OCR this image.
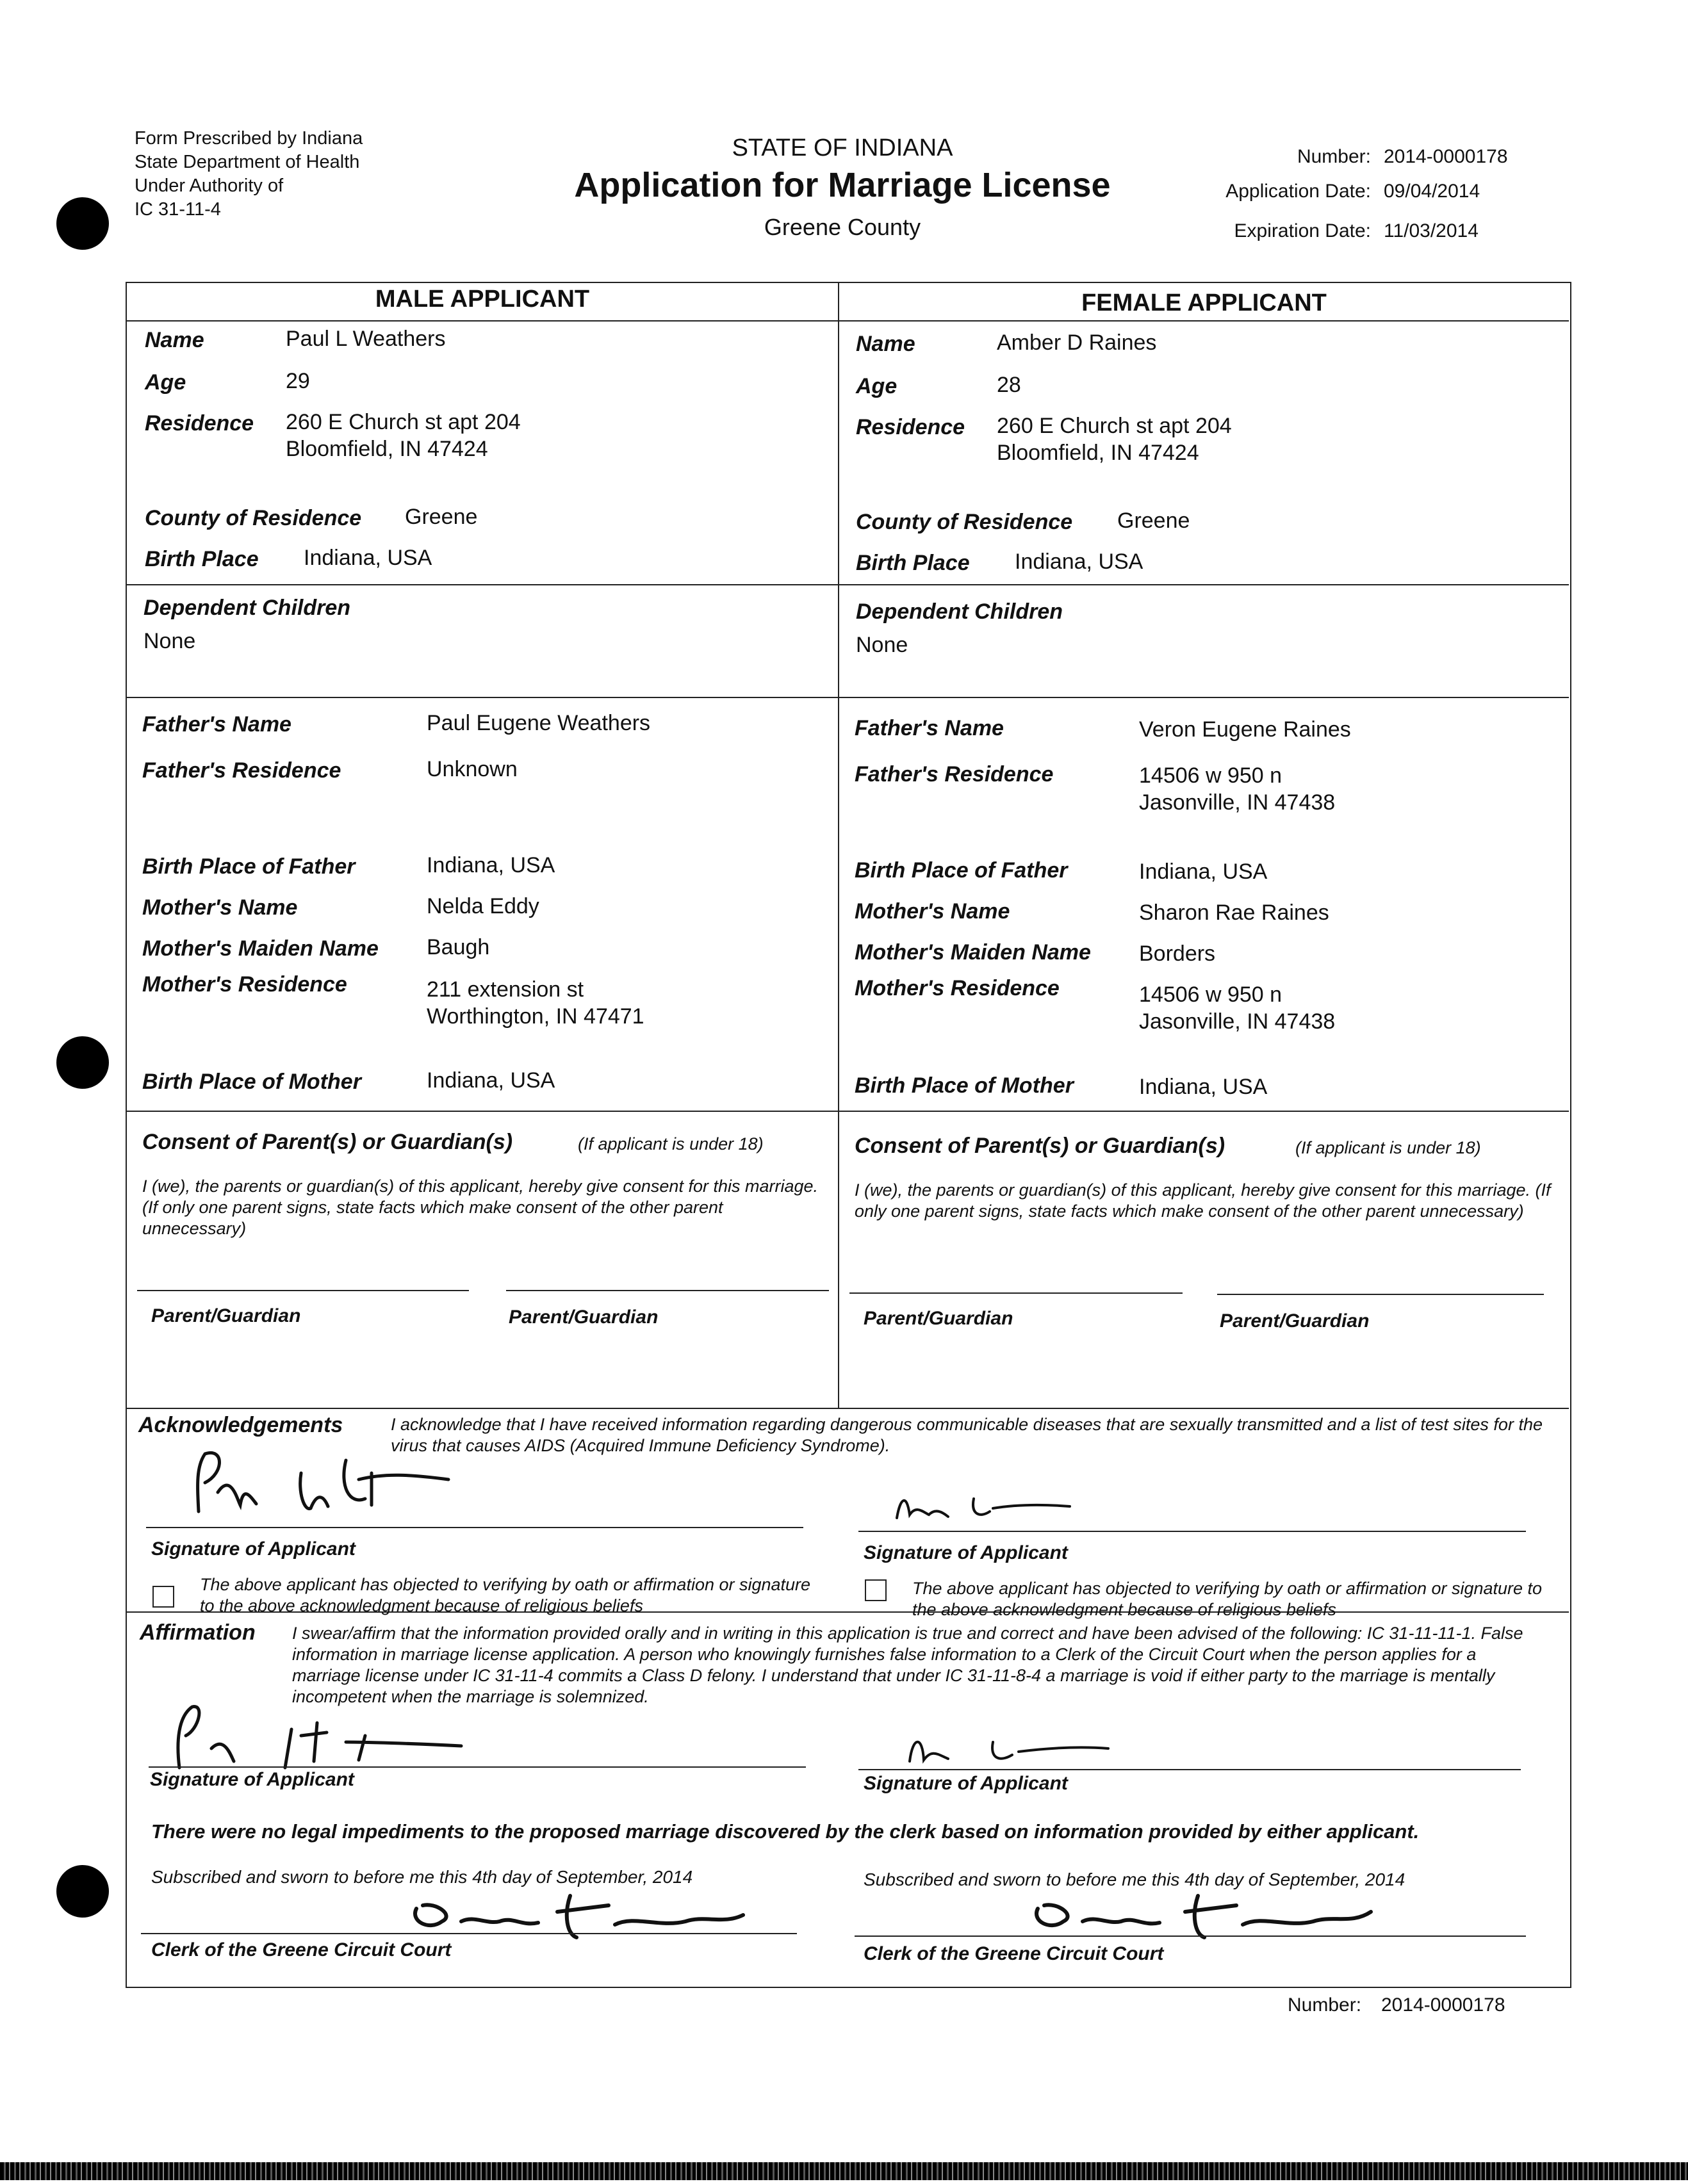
Form Prescribed by Indiana
State Department of Health
Under Authority of
IC 31-11-4
STATE OF INDIANA
Application for Marriage License
Greene County
Number: 2014-0000178
Application Date: 09/04/2014
Expiration Date: 11/03/2014
MALE APPLICANT
Name	Paul L Weathers
Age	29
Residence 260 E Church st apt 204
Bloomfield, IN 47424
County of Residence Greene
Birth Place Indiana, USA
Dependent Children
None
Father's Name	Paul Eugene Weathers
Father's Residence	Unknown
Birth Place of Father	Indiana, USA
Mother's Name	Nelda Eddy
Mother's Maiden Name Baugh
Mother's Residence	211 extension st
Worthington, IN 47471
Birth Place of Mother	Indiana, USA
FEMALE APPLICANT
Name	Amber D Raines
Age	28
Residence 260 E Church st apt 204
Bloomfield, IN 47424
County of Residence Greene
Birth Place Indiana, USA
Dependent Children
None
Father's Name	Veron Eugene Raines
Father's Residence	14506 w 950 n
Jasonville, IN 47438
Birth Place of Father	Indiana, USA
Mother's Name	Sharon Rae Raines
Mother's Maiden Name Borders
Mother's Residence	14506 w 950 n
Jasonville, IN 47438
Birth Place of Mother	Indiana, USA
Consent of Parent(s) or Guardian(s)	(If applicant is under 18)
I (we), the parents or guardian(s) of this applicant, hereby give consent for this marriage. (If only one parent signs, state facts which make consent of the other parent unnecessary)
Parent/Guardian	Parent/Guardian
Consent of Parent(s) or Guardian(s)	(If applicant is under 18)
I (we), the parents or guardian(s) of this applicant, hereby give consent for this marriage. (If only one parent signs, state facts which make consent of the other parent unnecessary)
Parent/Guardian	Parent/Guardian
Acknowledgements	I acknowledge that I have received information regarding dangerous communicable diseases that are sexually transmitted and a list of test sites for the virus that causes AIDS (Acquired Immune Deficiency Syndrome).
Signature of Applicant
The above applicant has objected to verifying by oath or affirmation or signature to the above acknowledgment because of religious beliefs
Signature of Applicant
The above applicant has objected to verifying by oath or affirmation or signature to the above acknowledgment because of religious beliefs
Affirmation I swear/affirm that the information provided orally and in writing in this application is true and correct and have been advised of the following: IC 31-11-11-1. False information in marriage license application. A person who knowingly furnishes false information to a Clerk of the Circuit Court when the person applies for a marriage license under IC 31-11-4 commits a Class D felony. I understand that under IC 31-11-8-4 a marriage is void if either party to the marriage is mentally incompetent when the marriage is solemnized.
Signature of Applicant	Signature of Applicant
There were no legal impediments to the proposed marriage discovered by the clerk based on information provided by either applicant.
Subscribed and sworn to before me this 4th day of September, 2014
Clerk of the Greene Circuit Court
Subscribed and sworn to before me this 4th day of September, 2014
Clerk of the Greene Circuit Court
Number: 2014-0000178
